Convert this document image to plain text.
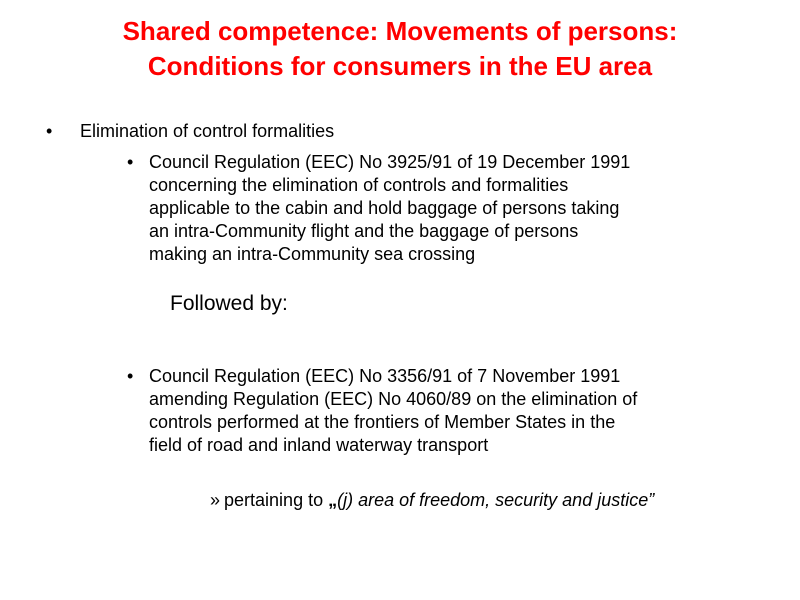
Shared competence: Movements of persons:
Conditions for consumers in the EU area
• Elimination of control formalities
• Council Regulation (EEC) No 3925/91 of 19 December 1991
concerning the elimination of controls and formalities
applicable to the cabin and hold baggage of persons taking
an intra-Community flight and the baggage of persons
making an intra-Community sea crossing
Followed by:
• Council Regulation (EEC) No 3356/91 of 7 November 1991
amending Regulation (EEC) No 4060/89 on the elimination of
controls performed at the frontiers of Member States in the
field of road and inland waterway transport
» pertaining to „(j) area of freedom, security and justice”
